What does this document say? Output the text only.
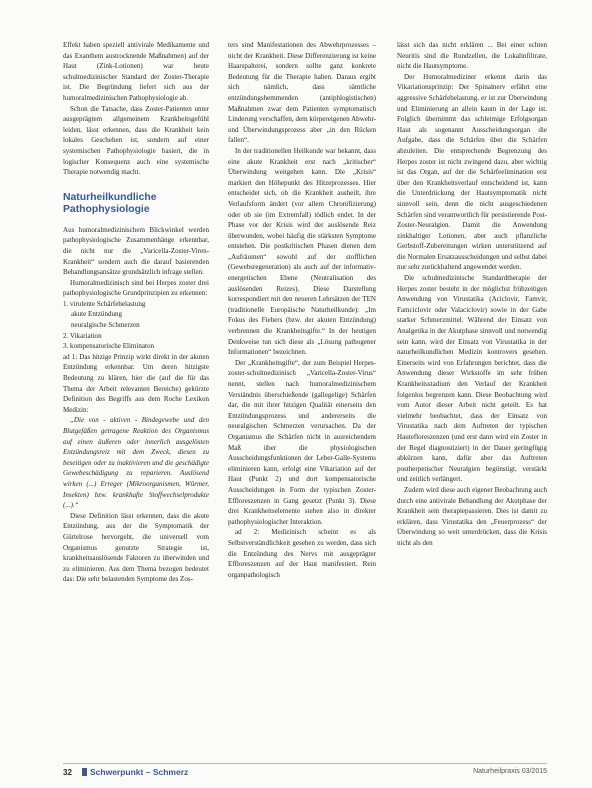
Effekt haben speziell antivirale Medikamente und das Exanthem austrocknende Maßnahmen) auf der Haut (Zink-Lotionen) war heute schulmedizinischer Standard der Zoster-Therapie ist. Die Begründung liefert sich aus der humoralmedizinischen Pathophysiologie ab.

Schon die Tatsache, dass Zoster-Patienten unter ausgeprägtem allgemeinem Krankheitsgefühl leiden, lässt erkennen, dass die Krankheit kein lokales Geschehen ist, sondern auf einer systemischen Pathophysiologie basiert, die in logischer Konsequenz auch eine systemische Therapie notwendig macht.

Naturheilkundliche Pathophysiologie

Aus humoralmedizinischem Blickwinkel werden pathophysiologische Zusammenhänge erkennbar, die nicht nur die „Varicella-Zoster-Viren-Krankheit“ sondern auch die darauf basierenden Behandlungsansätze grundsätzlich infrage stellen.

Humoralmedizinisch sind bei Herpes zoster drei pathophysiologische Grundprinzipien zu erkennen:

1. virulente Schärfebelastung
akute Entzündung
neuralgische Schmerzen
2. Vikariation
3. kompensatorische Eliminaton

ad 1: Das hitzige Prinzip wirkt direkt in der akuten Entzündung erkennbar. Um deren hitzigste Bedeutung zu klären, hier die (auf die für das Thema der Arbeit relevanten Bereiche) gekürzte Definition des Begriffs aus dem Roche Lexikon Medizin:

„Die von - aktiven - Bindegewebe und den Blutgefäßen getragene Reaktion des Organismus auf einen äußeren oder innerlich ausgelösten Entzündungsreiz mit dem Zweck, diesen zu beseitigen oder zu inaktivieren und die geschädigte Gewebeschädigung zu reparieren. Auslösend wirken (...) Erreger (Mikroorganismen, Würmer, Insekten) bzw. krankhafte Stoffwechselprodukte (...).“

Diese Definition lässt erkennen, dass die akute Entzündung, aus der die Symptomatik der Gürtelrose hervorgeht, die universell vom Organismus genutzte Strategie ist, krankheitsauslösende Faktoren zu überwinden und zu eliminieren. Aus dem Thema bezogen bedeutet das: Die sehr belastenden Symptome des Zos-

ters sind Manifestationen des Abwehrprozesses – nicht der Krankheit. Diese Differenzierung ist keine Haarspalterei, sondern sollte ganz konkrete Bedeutung für die Therapie haben. Daraus ergibt sich nämlich, dass sämtliche entzündungshemmenden (antiphlogistischen) Maßnahmen zwar dem Patienten symptomatisch Linderung verschaffen, dem körpereigenen Abwehr- und Überwindungsprozess aber „in den Rücken fallen“.

In der traditionellen Heilkunde war bekannt, dass eine akute Krankheit erst nach „kritischer“ Überwindung weitgehen kann. Die „Krisis“ markiert den Höhepunkt des Hitzeprozesses. Hier entscheidet sich, ob die Krankheit ausheilt, ihre Verlaufsform ändert (vor allem Chronifizierung) oder ob sie (im Extremfall) tödlich endet. In der Phase vor der Krisis wird der auslösende Reiz überwunden, wobei häufig die stärksten Symptome entstehen. Die postkritischen Phasen dienen dem „Aufräumen“ sowohl auf der stofflichen (Gewebsregeneration) als auch auf der informativ-energetischen Ebene (Neutralisation des auslösenden Reizes). Diese Darstellung korrespondiert mit den neueren Lehrsätzen der TEN (traditionelle Europäische Naturheilkunde): „Im Fokus des Fiebers (bzw. der akuten Entzündung) verbrennen die Krankheitsgifte.“ In der heutigen Denkweise tun sich diese als „Lösung pathogener Informationen“ bezeichnen.

Der „Krankheitsgifte“, der zum Beispiel Herpes-zoster-schulmedizinisch „Varicella-Zoster-Virus“ nennt, stellen nach humoralmedizinischem Verständnis überschießende (gallegelige) Schärfen dar, die mit ihrer hitzigen Qualität einerseits den Entzündungsprozess und andererseits die neuralgischen Schmerzen verursachen. Da der Organismus die Schärfen nicht in ausreichendem Maß über die physiologischen Ausscheidungsfunktionen der Leber-Galle-Systems eliminieren kann, erfolgt eine Vikariation auf der Haut (Punkt 2) und dort kompensatorische Ausscheidungen in Form der typischen Zoster-Effloreszenzen in Gang gesetzt (Punkt 3). Diese drei Krankheitselemente stehen also in direkter pathophysiologischer Interaktion.

ad 2: Medizinisch scheint es als Selbstverständlichkeit gesehen zu werden, dass sich die Entzündung des Nervs mit ausgeprägter Effloreszenzen auf der Haut manifestiert. Rein organpathologisch

lässt sich das nicht erklären ... Bei einer echten Neuritis sind die Rundzellen, die Lokalinfiltrate, nicht die Hautsymptome.

Der Humoralmediziner erkennt darin das Vikariationsprinzip: Der Spinalnerv erfährt eine aggressive Schärfebelastung, er ist zur Überwindung und Eliminierung an allein kaum in der Lage ist. Folglich übernimmt das schleimige Erfolgsorgan Haut als sogenannt Ausscheidungsorgan die Aufgabe, dass die Schärfen über die Schärfen abzuleiten. Die entsprechende Begrenzung des Herpes zoster ist nicht zwingend dazu, aber wichtig ist das Organ, auf der die Schärfeelimination erst über den Krankheitsverlauf entscheidend ist, kann die Unterdrückung der Hautsymptomatik nicht sinnvoll sein, denn die nicht ausgeschiedenen Schärfen sind verantwortlich für persistierende Post-Zoster-Neuralgien. Damit die Anwendung zinkhaltiger Lotionen, aber auch pflanzliche Gerbstoff-Zubereitungen wirken unterstützend auf die Normalen Ersatzausscheidungen und selbst dabei nur sehr zurückhaltend angewendet werden.

Die schulmedizinische Standardtherapie der Herpes zoster besteht in der möglichst frühzeitigen Anwendung von Virustatika (Aciclovir, Famvir, Famciclovir oder Valaciclovir) sowie in der Gabe starker Schmerzmittel. Während der Einsatz von Analgetika in der Akutphase sinnvoll und notwendig sein kann, wird der Einsatz von Virustatika in der naturheilkundlichen Medizin kontrovers gesehen. Einerseits wird von Erfahrungen berichtet, dass die Anwendung dieser Wirkstoffe im sehr frühen Krankheitsstadium den Verlauf der Krankheit folgenlos begrenzen kann. Diese Beobachtung wird vom Autor dieser Arbeit nicht geteilt. Es hat vielmehr beobachtet, dass der Einsatz von Virustatika nach dem Auftreten der typischen Hautefloreszenzen (und erst dann wird ein Zoster in der Regel diagnostiziert) in der Dauer geringfügig abkürzen kann, dafür aber das Auftreten postherpetischer Neuralgien begünstigt, verstärkt und zeitlich verlängert.

Zudem wird diese auch eigener Beobachtung auch durch eine antivirale Behandlung der Akutphase der Krankheit sein therapiepassieren. Dies ist damit zu erklären, dass Virustatika den „Feuerprozess“ der Überwindung so weit unterdrücken, dass die Krisis nicht als den

32	Schwerpunkt – Schmerz	Naturheilpraxis 03/2015
